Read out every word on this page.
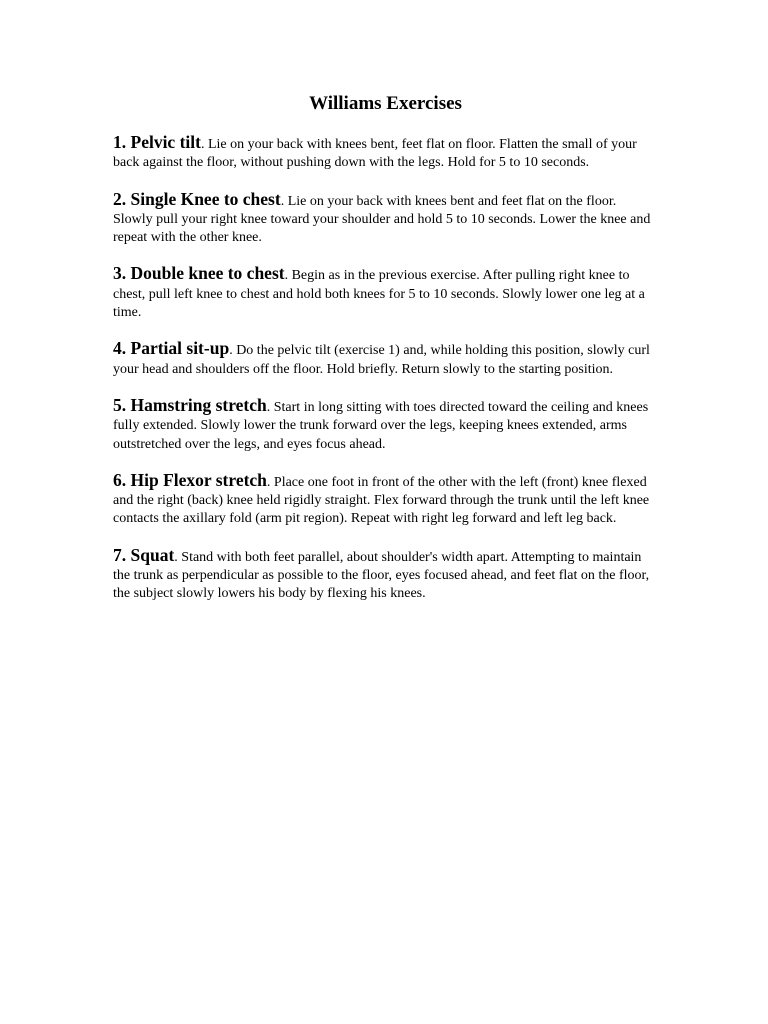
Williams Exercises

1. Pelvic tilt. Lie on your back with knees bent, feet flat on floor. Flatten the small of your back against the floor, without pushing down with the legs. Hold for 5 to 10 seconds.

2. Single Knee to chest. Lie on your back with knees bent and feet flat on the floor. Slowly pull your right knee toward your shoulder and hold 5 to 10 seconds. Lower the knee and repeat with the other knee.

3. Double knee to chest. Begin as in the previous exercise. After pulling right knee to chest, pull left knee to chest and hold both knees for 5 to 10 seconds. Slowly lower one leg at a time.

4. Partial sit-up. Do the pelvic tilt (exercise 1) and, while holding this position, slowly curl your head and shoulders off the floor. Hold briefly. Return slowly to the starting position.

5. Hamstring stretch. Start in long sitting with toes directed toward the ceiling and knees fully extended. Slowly lower the trunk forward over the legs, keeping knees extended, arms outstretched over the legs, and eyes focus ahead.

6. Hip Flexor stretch. Place one foot in front of the other with the left (front) knee flexed and the right (back) knee held rigidly straight. Flex forward through the trunk until the left knee contacts the axillary fold (arm pit region). Repeat with right leg forward and left leg back.

7. Squat. Stand with both feet parallel, about shoulder's width apart. Attempting to maintain the trunk as perpendicular as possible to the floor, eyes focused ahead, and feet flat on the floor, the subject slowly lowers his body by flexing his knees.
